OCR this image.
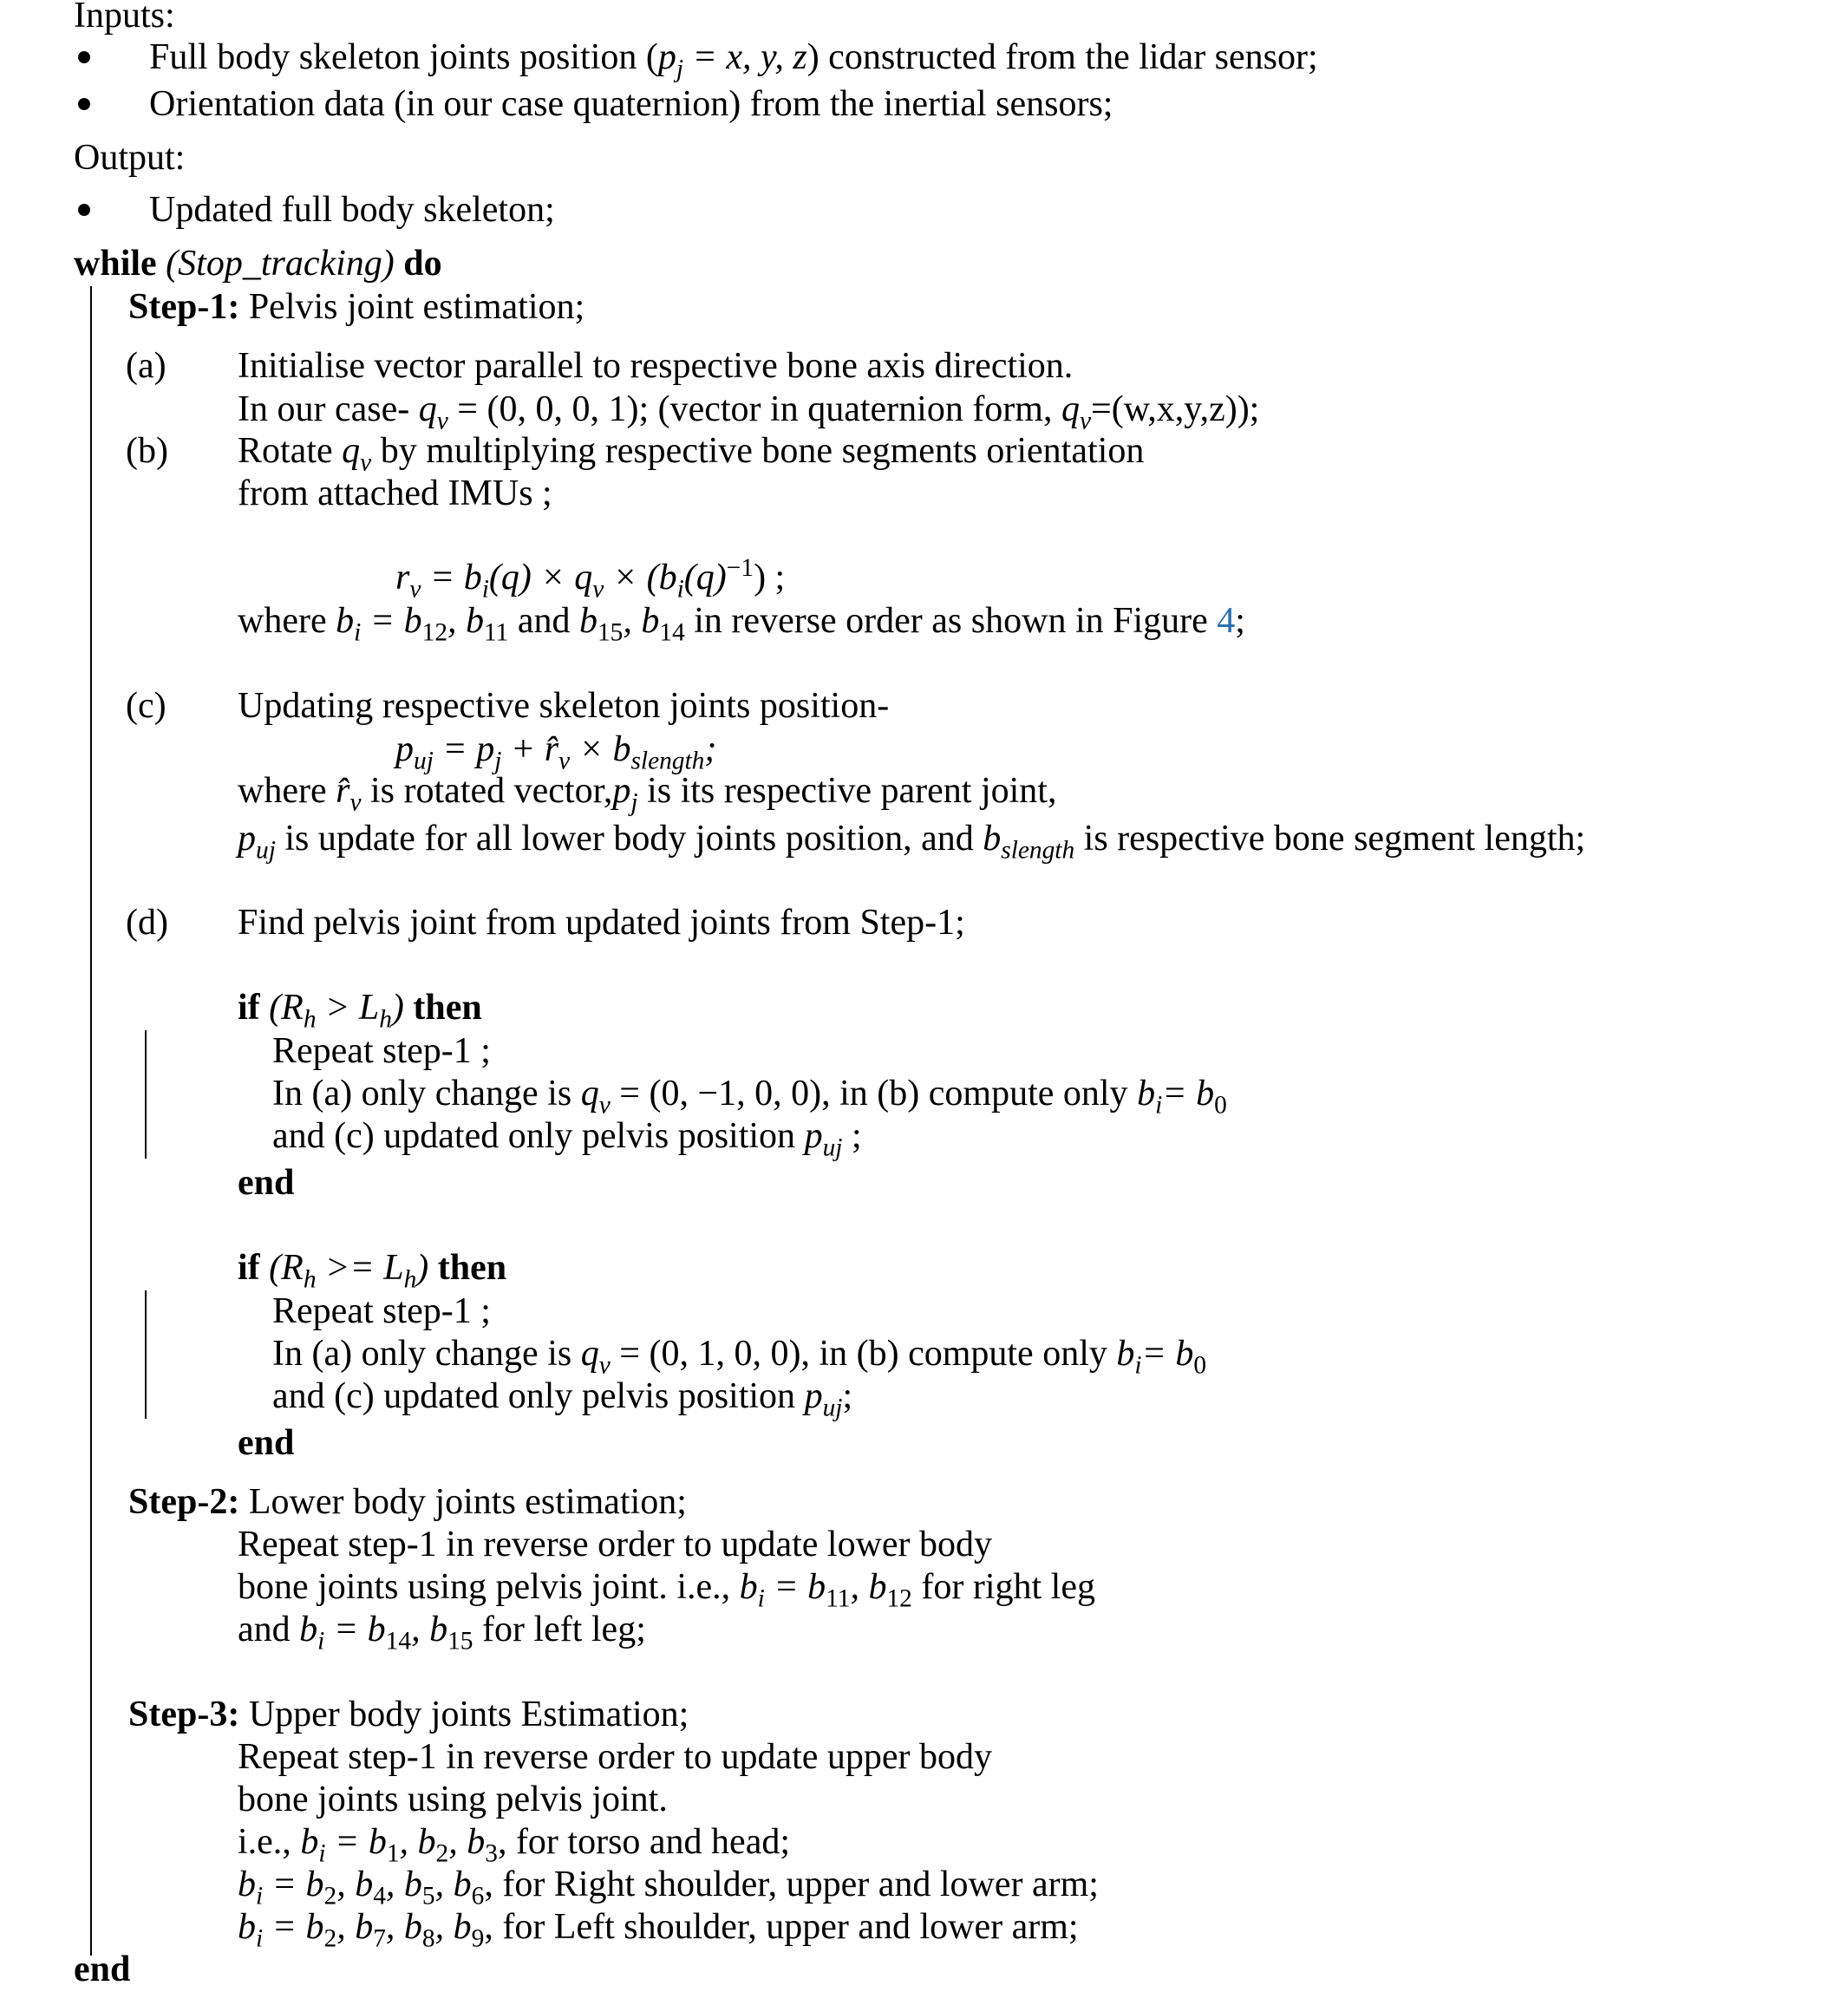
Inputs:
Full body skeleton joints position ($p_j = x$, y, z) constructed from the lidar sensor;
Orientation data (in our case quaternion) from the inertial sensors;
Output:
Updated full body skeleton;
while (Stop_tracking) do
Step-1: Pelvis joint estimation;
(a) Initialise vector parallel to respective bone axis direction.
In our case- $q_v = (0$, 0, 0, 1); (vector in quaternion form, $q_v=(w,x,y,z)$);
(b) Rotate $q_v$ by multiplying respective bone segments orientation
from attached IMUs ;
$r_v = b_i(q) \times q_v \times (b_i(q)^{-1})$ ;
where $b_i = b_{12}$, $b_{11}$ and $b_{15}$, $b_{14}$ in reverse order as shown in Figure 4;
(c) Updating respective skeleton joints position-
$p_{uj} = p_j$ + $r̂_v \times b_{slength}$;
where $r̂_v$ is rotated $vector,p_j$ is its respective parent joint,
$p_{uj}$ is update for all lower body joints position, and $b_{slength}$ is respective bone segment length;
(d) Find pelvis joint from updated joints from Step-1;
if $(R_h > L_h)$ then
Repeat step-1 ;
In (a) only change is $q_v = (0$, −1, 0, 0), in (b) compute only $b_i= b_0$
and (c) updated only pelvis position $p_{uj}$ ;
end
if $(R_h >= L_h)$ then
Repeat step-1 ;
In (a) only change is $q_v = (0$, 1, 0, 0), in (b) compute only $b_i= b_0$
and (c) updated only pelvis position $p_{uj}$;
end
Step-2: Lower body joints estimation;
Repeat step-1 in reverse order to update lower body
bone joints using pelvis joint. i.e., $b_i = b_{11}$, $b_{12}$ for right leg
and $b_i = b_{14}$, $b_{15}$ for left leg;
Step-3: Upper body joints Estimation;
Repeat step-1 in reverse order to update upper body
bone joints using pelvis joint.
i.e., $b_i = b_1$, $b_2$, $b_3$, for torso and head;
$b_i = b_2$, $b_4$, $b_5$, $b_6$, for Right shoulder, upper and lower arm;
$b_i = b_2$, $b_7$, $b_8$, $b_9$, for Left shoulder, upper and lower arm;
end
